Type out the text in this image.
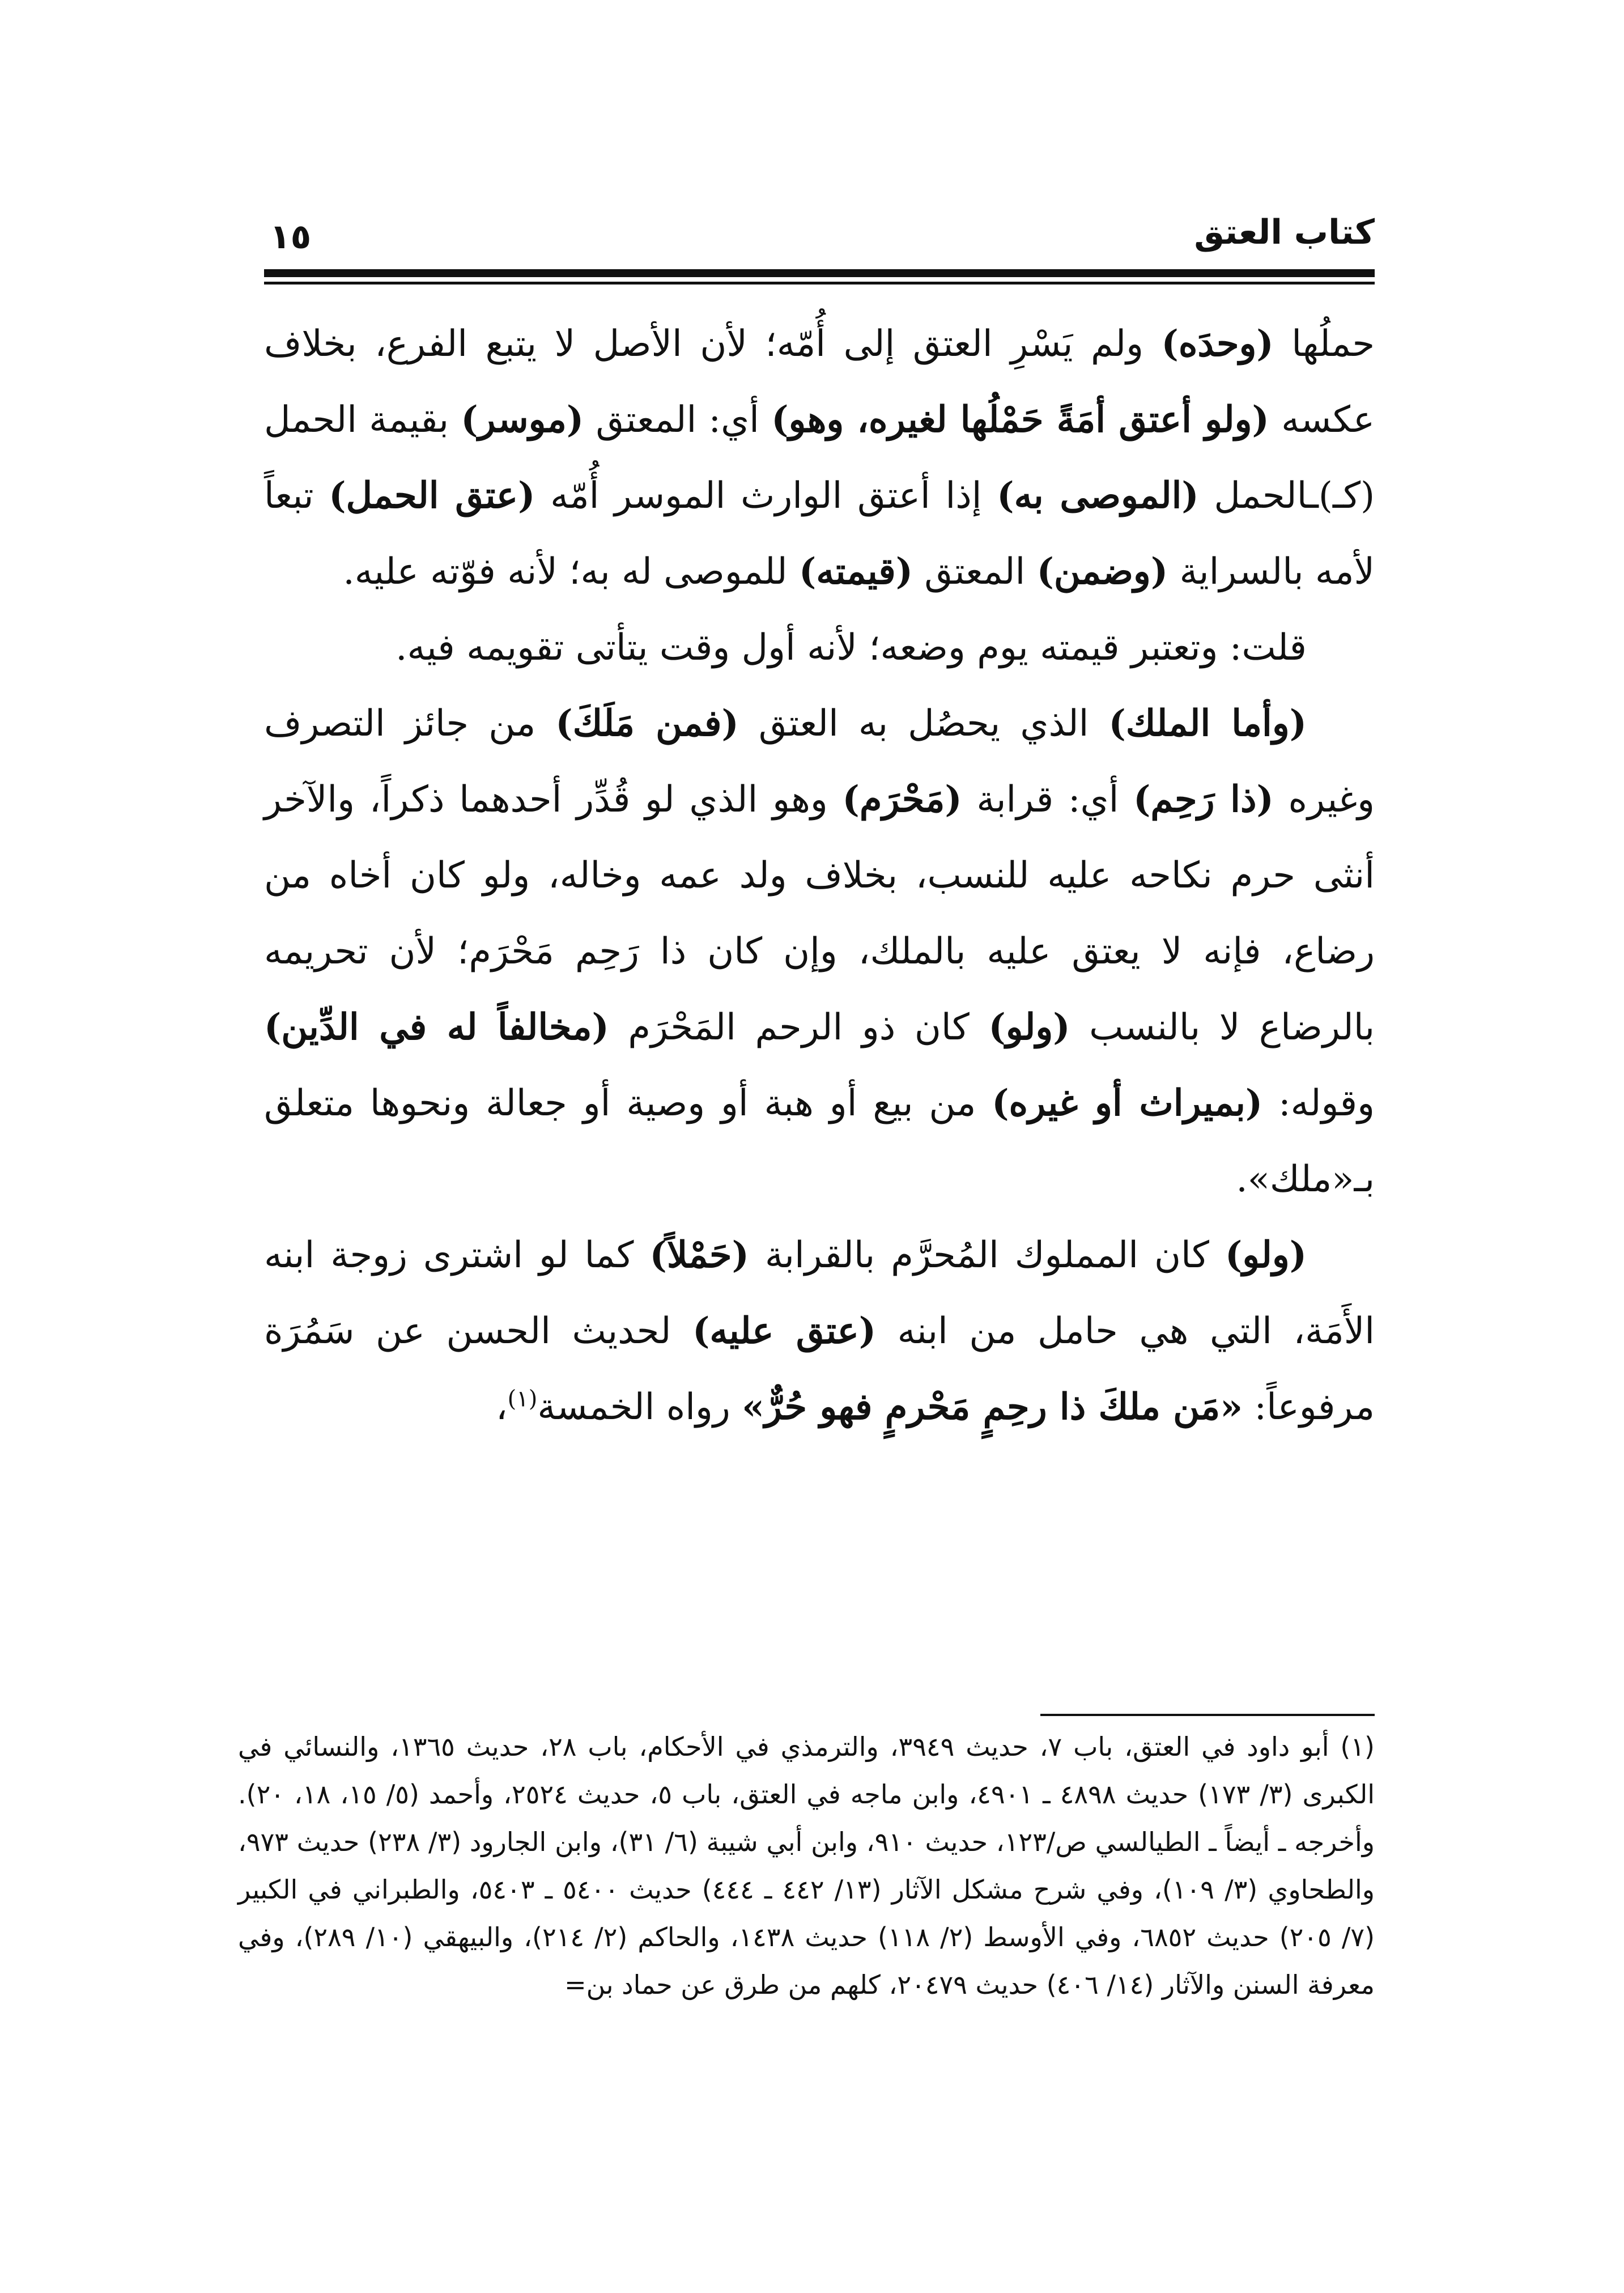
كتاب العتق
١٥

حملُها (وحدَه) ولم يَسْرِ العتق إلى أُمّه؛ لأن الأصل لا يتبع الفرع، بخلاف عكسه (ولو أعتق أمَةً حَمْلُها لغيره، وهو) أي: المعتق (موسر) بقيمة الحمل (كـ)ـالحمل (الموصى به) إذا أعتق الوارث الموسر أُمّه (عتق الحمل) تبعاً لأمه بالسراية (وضمن) المعتق (قيمته) للموصى له به؛ لأنه فوّته عليه.

قلت: وتعتبر قيمته يوم وضعه؛ لأنه أول وقت يتأتى تقويمه فيه.

(وأما الملك) الذي يحصُل به العتق (فمن مَلَكَ) من جائز التصرف وغيره (ذا رَحِم) أي: قرابة (مَحْرَم) وهو الذي لو قُدِّر أحدهما ذكراً، والآخر أنثى حرم نكاحه عليه للنسب، بخلاف ولد عمه وخاله، ولو كان أخاه من رضاع، فإنه لا يعتق عليه بالملك، وإن كان ذا رَحِم مَحْرَم؛ لأن تحريمه بالرضاع لا بالنسب (ولو) كان ذو الرحم المَحْرَم (مخالفاً له في الدِّين) وقوله: (بميراث أو غيره) من بيع أو هبة أو وصية أو جعالة ونحوها متعلق بـ«ملك».

(ولو) كان المملوك المُحرَّم بالقرابة (حَمْلاً) كما لو اشترى زوجة ابنه الأَمَة، التي هي حامل من ابنه (عتق عليه) لحديث الحسن عن سَمُرَة مرفوعاً: «مَن ملكَ ذا رحِمٍ مَحْرمٍ فهو حُرٌّ» رواه الخمسة$^{(١)}$،

(١) أبو داود في العتق، باب ٧، حديث ٣٩٤٩، والترمذي في الأحكام، باب ٢٨، حديث ١٣٦٥، والنسائي في الكبرى (٣/ ١٧٣) حديث ٤٨٩٨ ـ ٤٩٠١، وابن ماجه في العتق، باب ٥، حديث ٢٥٢٤، وأحمد (٥/ ١٥، ١٨، ٢٠). وأخرجه ـ أيضاً ـ الطيالسي ص/١٢٣، حديث ٩١٠، وابن أبي شيبة (٦/ ٣١)، وابن الجارود (٣/ ٢٣٨) حديث ٩٧٣، والطحاوي (٣/ ١٠٩)، وفي شرح مشكل الآثار (١٣/ ٤٤٢ ـ ٤٤٤) حديث ٥٤٠٠ ـ ٥٤٠٣، والطبراني في الكبير (٧/ ٢٠٥) حديث ٦٨٥٢، وفي الأوسط (٢/ ١١٨) حديث ١٤٣٨، والحاكم (٢/ ٢١٤)، والبيهقي (١٠/ ٢٨٩)، وفي معرفة السنن والآثار (١٤/ ٤٠٦) حديث ٢٠٤٧٩، كلهم من طرق عن حماد بن=
